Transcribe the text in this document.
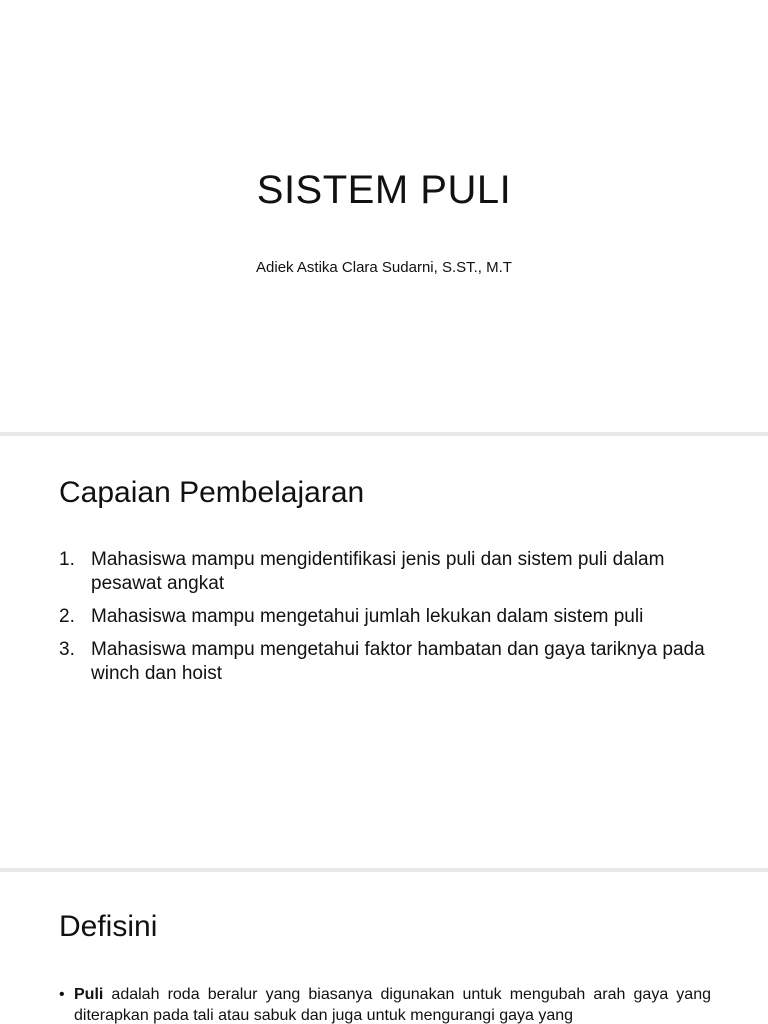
SISTEM PULI
Adiek Astika Clara Sudarni, S.ST., M.T
Capaian Pembelajaran
1. Mahasiswa mampu mengidentifikasi jenis puli dan sistem puli dalam pesawat angkat
2. Mahasiswa mampu mengetahui jumlah lekukan dalam sistem puli
3. Mahasiswa mampu mengetahui faktor hambatan dan gaya tariknya pada winch dan hoist
Defisini
• Puli adalah roda beralur yang biasanya digunakan untuk mengubah arah gaya yang diterapkan pada tali atau sabuk dan juga untuk mengurangi gaya yang
